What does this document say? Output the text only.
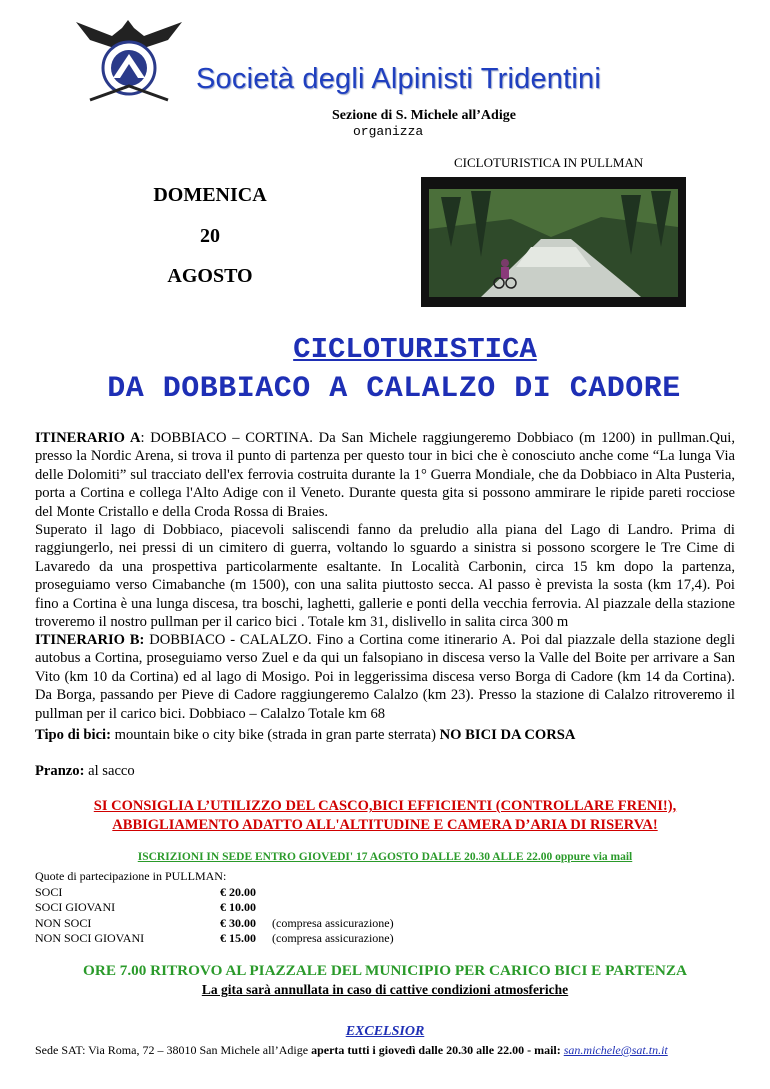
Società degli Alpinisti Tridentini
Sezione di S. Michele all’Adige
organizza
DOMENICA
20
AGOSTO
CICLOTURISTICA IN PULLMAN
CICLOTURISTICA
DA DOBBIACO A CALALZO DI CADORE

ITINERARIO A: DOBBIACO – CORTINA. Da San Michele raggiungeremo Dobbiaco (m 1200) in pullman.Qui, presso la Nordic Arena, si trova il punto di partenza per questo tour in bici che è conosciuto anche come “La lunga Via delle Dolomiti” sul tracciato dell'ex ferrovia costruita durante la 1° Guerra Mondiale, che da Dobbiaco in Alta Pusteria, porta a Cortina e collega l'Alto Adige con il Veneto. Durante questa gita si possono ammirare le ripide pareti rocciose del Monte Cristallo e della Croda Rossa di Braies.

Superato il lago di Dobbiaco, piacevoli saliscendi fanno da preludio alla piana del Lago di Landro. Prima di raggiungerlo, nei pressi di un cimitero di guerra, voltando lo sguardo a sinistra si possono scorgere le Tre Cime di Lavaredo da una prospettiva particolarmente esaltante. In Località Carbonin, circa 15 km dopo la partenza, proseguiamo verso Cimabanche (m 1500), con una salita piuttosto secca. Al passo è prevista la sosta (km 17,4). Poi fino a Cortina è una lunga discesa, tra boschi, laghetti, gallerie e ponti della vecchia ferrovia. Al piazzale della stazione troveremo il nostro pullman per il carico bici . Totale km 31, dislivello in salita circa 300 m

ITINERARIO B: DOBBIACO - CALALZO. Fino a Cortina come itinerario A. Poi dal piazzale della stazione degli autobus a Cortina, proseguiamo verso Zuel e da qui un falsopiano in discesa verso la Valle del Boite per arrivare a San Vito (km 10 da Cortina) ed al lago di Mosigo. Poi in leggerissima discesa verso Borga di Cadore (km 14 da Cortina). Da Borga, passando per Pieve di Cadore raggiungeremo Calalzo (km 23). Presso la stazione di Calalzo ritroveremo il pullman per il carico bici. Dobbiaco – Calalzo Totale km 68

Tipo di bici: mountain bike o city bike (strada in gran parte sterrata) NO BICI DA CORSA
Pranzo: al sacco
SI CONSIGLIA L’UTILIZZO DEL CASCO,BICI EFFICIENTI (CONTROLLARE FRENI!),
ABBIGLIAMENTO ADATTO ALL'ALTITUDINE E CAMERA D’ARIA DI RISERVA!
ISCRIZIONI IN SEDE ENTRO GIOVEDI' 17 AGOSTO DALLE 20.30 ALLE 22.00 oppure via mail
Quote di partecipazione in PULLMAN:
SOCI	€ 20.00
SOCI GIOVANI	€ 10.00
NON SOCI	€ 30.00	(compresa assicurazione)
NON SOCI GIOVANI	€ 15.00	(compresa assicurazione)
ORE 7.00 RITROVO AL PIAZZALE DEL MUNICIPIO PER CARICO BICI E PARTENZA
La gita sarà annullata in caso di cattive condizioni atmosferiche
EXCELSIOR
Sede SAT: Via Roma, 72 – 38010 San Michele all’Adige aperta tutti i giovedì dalle 20.30 alle 22.00 - mail: san.michele@sat.tn.it
